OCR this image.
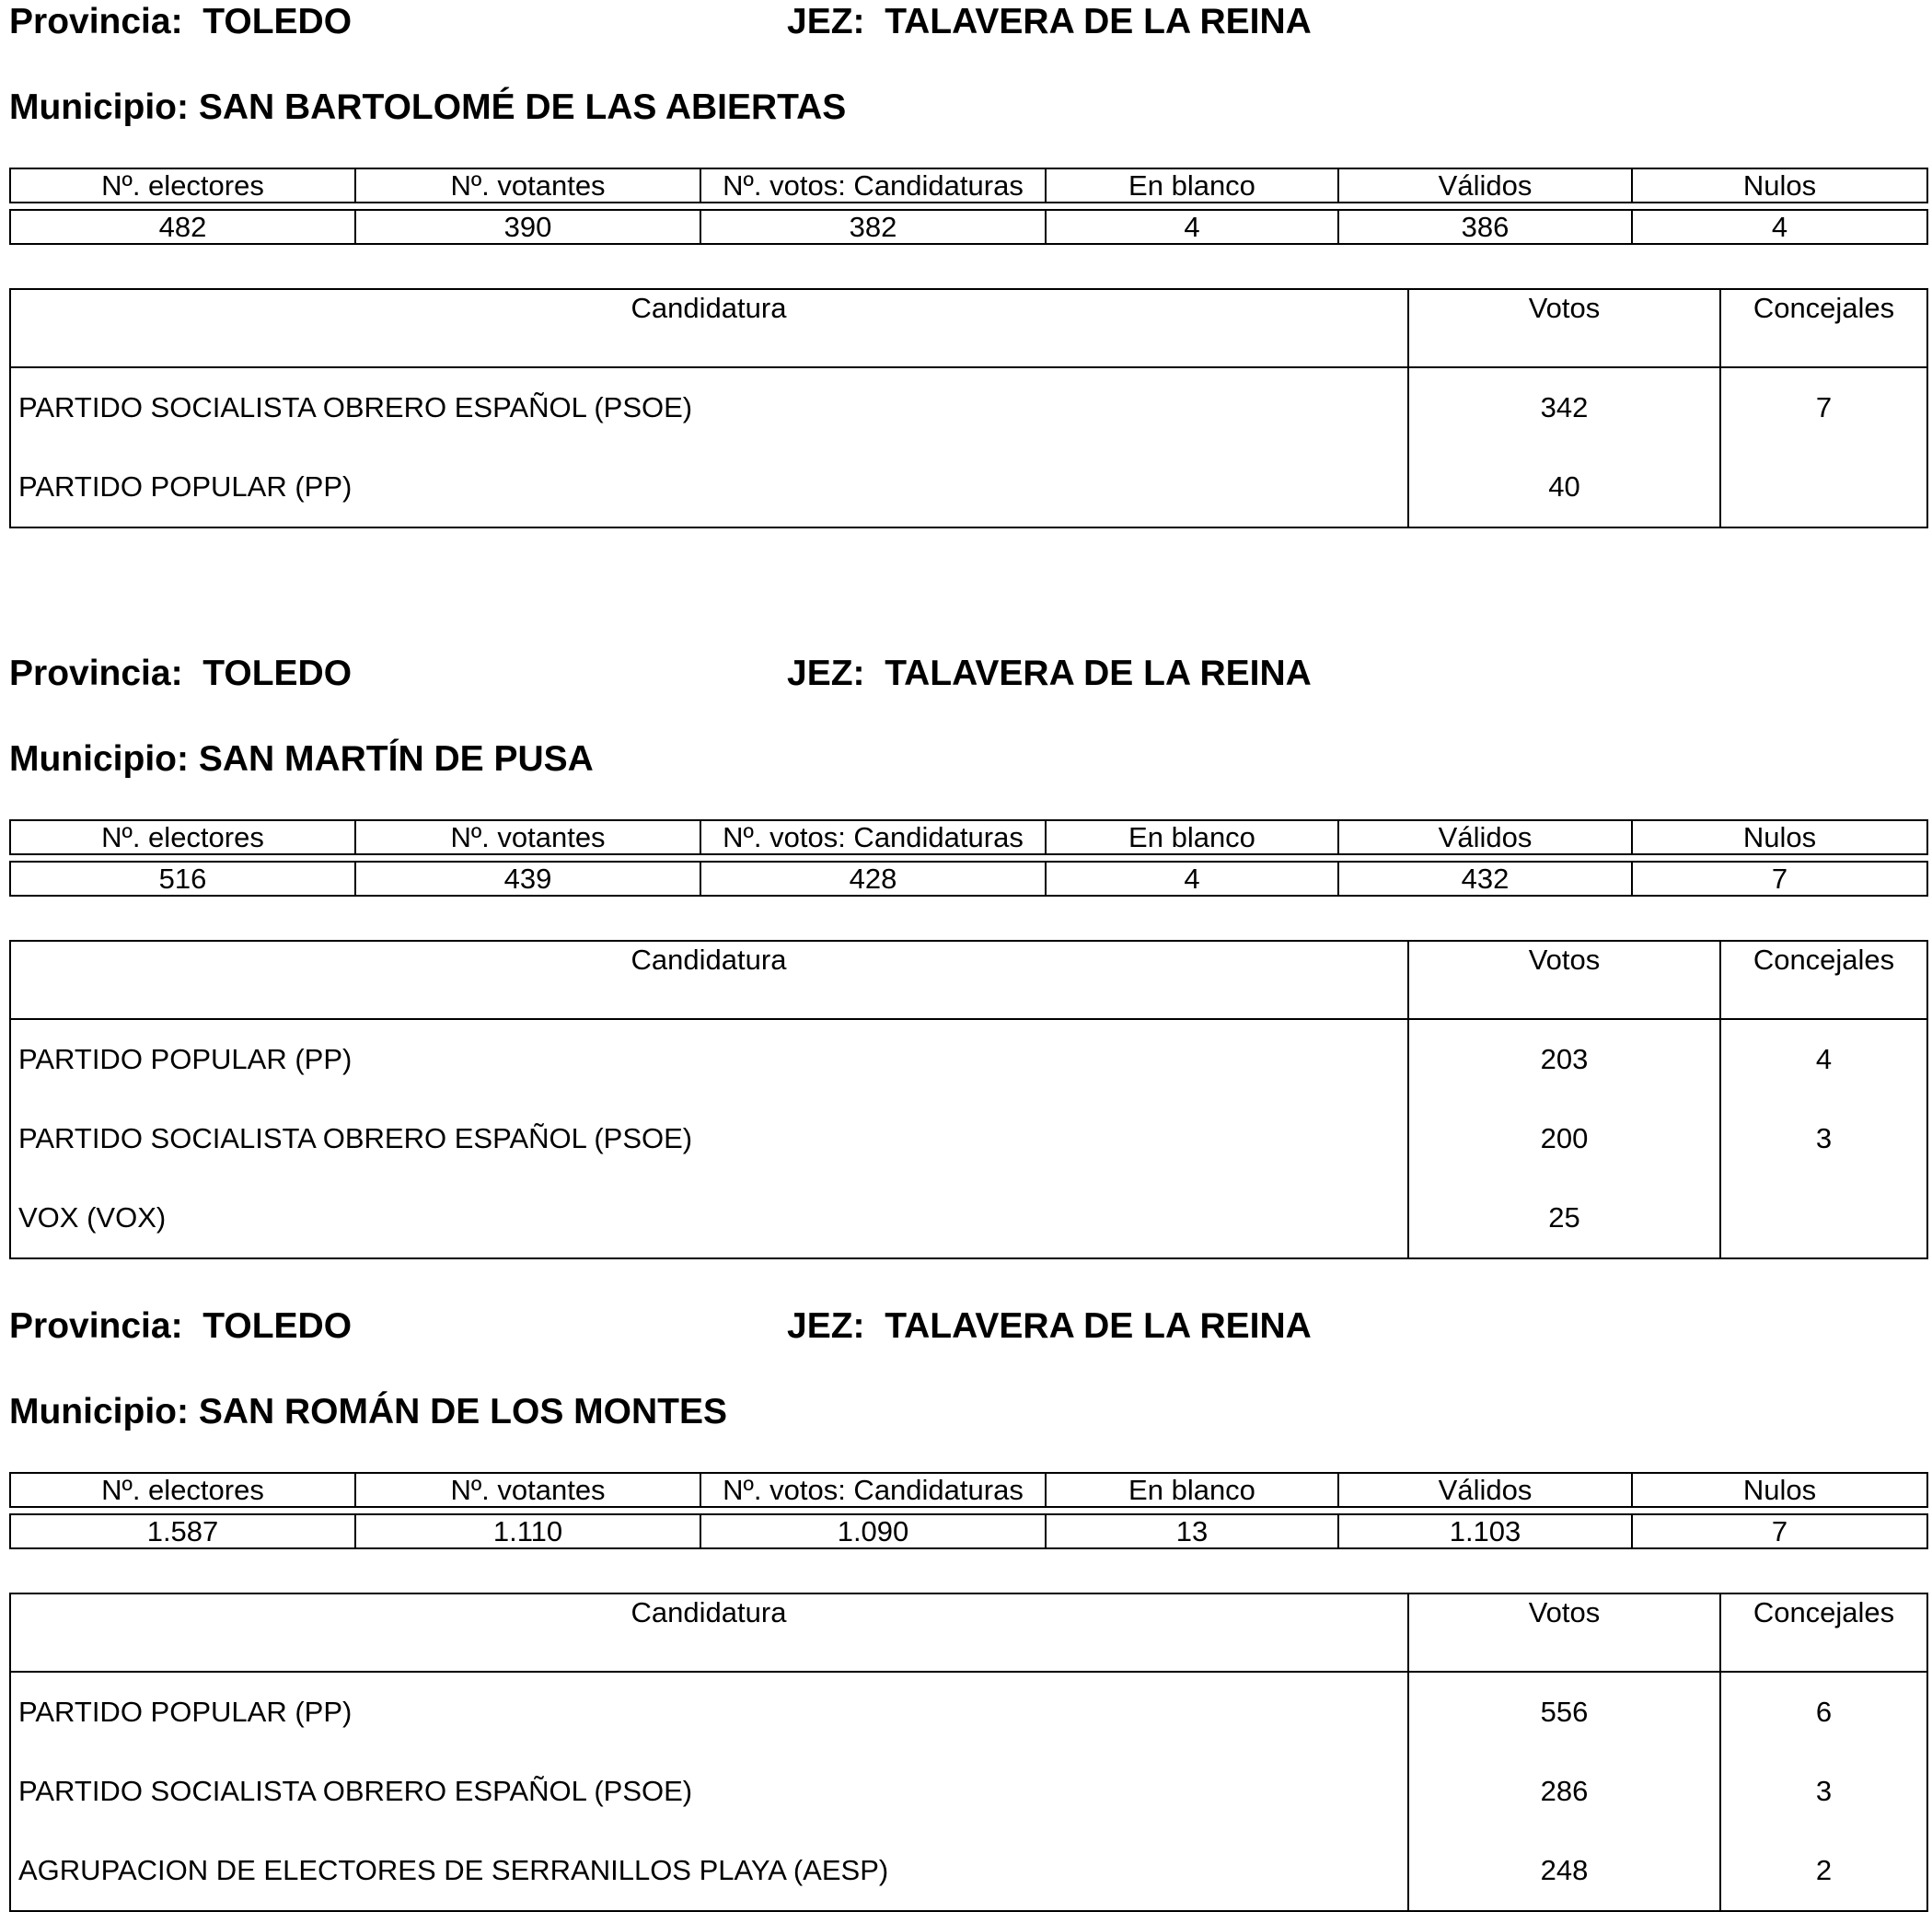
Provincia: TOLEDO	JEZ: TALAVERA DE LA REINA
Municipio: SAN BARTOLOMÉ DE LAS ABIERTAS
Nº. electores	Nº. votantes	Nº. votos: Candidaturas	En blanco	Válidos	Nulos

482	390	382	4	386	4
Candidatura	Votos	Concejales
PARTIDO SOCIALISTA OBRERO ESPAÑOL (PSOE)	342	7
PARTIDO POPULAR (PP)	40	
Provincia: TOLEDO	JEZ: TALAVERA DE LA REINA
Municipio: SAN MARTÍN DE PUSA
Nº. electores	Nº. votantes	Nº. votos: Candidaturas	En blanco	Válidos	Nulos

516	439	428	4	432	7
Candidatura	Votos	Concejales
PARTIDO POPULAR (PP)	203	4
PARTIDO SOCIALISTA OBRERO ESPAÑOL (PSOE)	200	3
VOX (VOX)	25	
Provincia: TOLEDO	JEZ: TALAVERA DE LA REINA
Municipio: SAN ROMÁN DE LOS MONTES
Nº. electores	Nº. votantes	Nº. votos: Candidaturas	En blanco	Válidos	Nulos

1.587	1.110	1.090	13	1.103	7
Candidatura	Votos	Concejales
PARTIDO POPULAR (PP)	556	6
PARTIDO SOCIALISTA OBRERO ESPAÑOL (PSOE)	286	3
AGRUPACION DE ELECTORES DE SERRANILLOS PLAYA (AESP)	248	2
